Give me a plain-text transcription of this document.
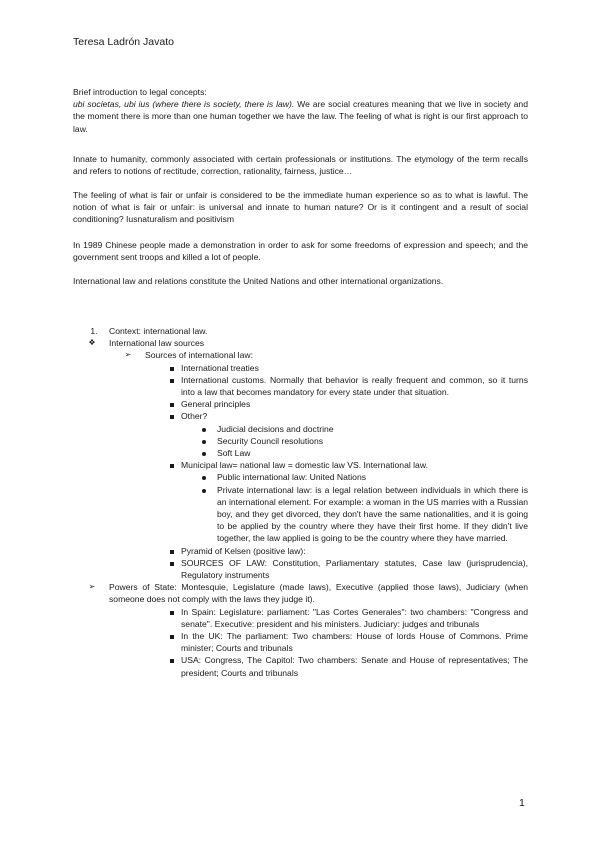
Teresa Ladrón Javato
Brief introduction to legal concepts:
ubi societas, ubi ius (where there is society, there is law). We are social creatures meaning that we live in society and the moment there is more than one human together we have the law. The feeling of what is right is our first approach to law.
Innate to humanity, commonly associated with certain professionals or institutions. The etymology of the term recalls and refers to notions of rectitude, correction, rationality, fairness, justice…
The feeling of what is fair or unfair is considered to be the immediate human experience so as to what is lawful. The notion of what is fair or unfair: is universal and innate to human nature? Or is it contingent and a result of social conditioning? Iusnaturalism and positivism
In 1989 Chinese people made a demonstration in order to ask for some freedoms of expression and speech; and the government sent troops and killed a lot of people.
International law and relations constitute the United Nations and other international organizations.
1.	Context: international law.
❖	International law sources
➢	Sources of international law:
International treaties
International customs. Normally that behavior is really frequent and common, so it turns into a law that becomes mandatory for every state under that situation.
General principles
Other?
Judicial decisions and doctrine
Security Council resolutions
Soft Law
Municipal law= national law = domestic law VS. International law.
Public international law: United Nations
Private international law: is a legal relation between individuals in which there is an international element. For example: a woman in the US marries with a Russian boy, and they get divorced, they don't have the same nationalities, and it is going to be applied by the country where they have their first home. If they didn't live together, the law applied is going to be the country where they have married.
Pyramid of Kelsen (positive law):
SOURCES OF LAW: Constitution, Parliamentary statutes, Case law (jurisprudencia), Regulatory instruments
➢	Powers of State: Montesquie, Legislature (made laws), Executive (applied those laws), Judiciary (when someone does not comply with the laws they judge it).
In Spain: Legislature: parliament: "Las Cortes Generales": two chambers: "Congress and senate". Executive: president and his ministers. Judiciary: judges and tribunals
In the UK: The parliament: Two chambers: House of lords House of Commons. Prime minister; Courts and tribunals
USA: Congress, The Capitol: Two chambers: Senate and House of representatives; The president; Courts and tribunals
1
